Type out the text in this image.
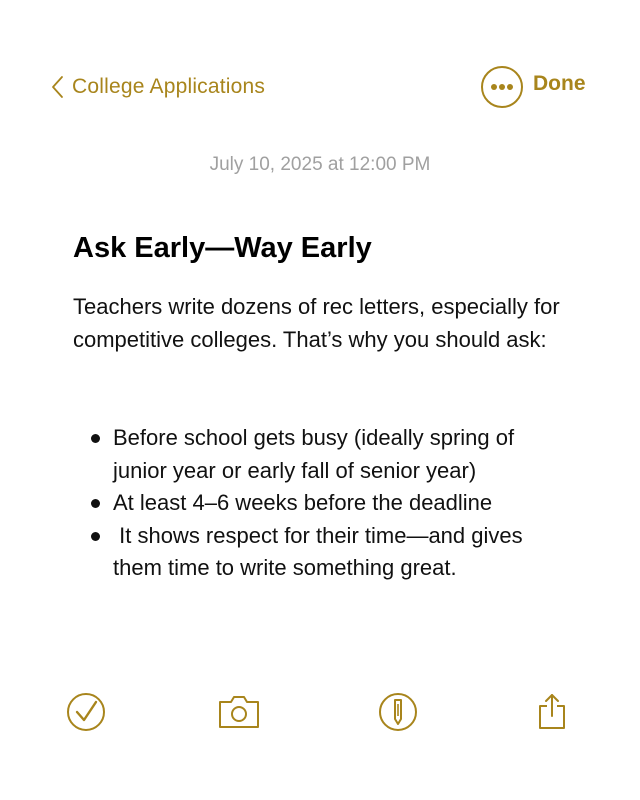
College Applications	Done
July 10, 2025 at 12:00 PM
Ask Early—Way Early

Teachers write dozens of rec letters, especially for competitive colleges. That’s why you should ask:

Before school gets busy (ideally spring of junior year or early fall of senior year)
At least 4–6 weeks before the deadline
It shows respect for their time—and gives them time to write something great.
